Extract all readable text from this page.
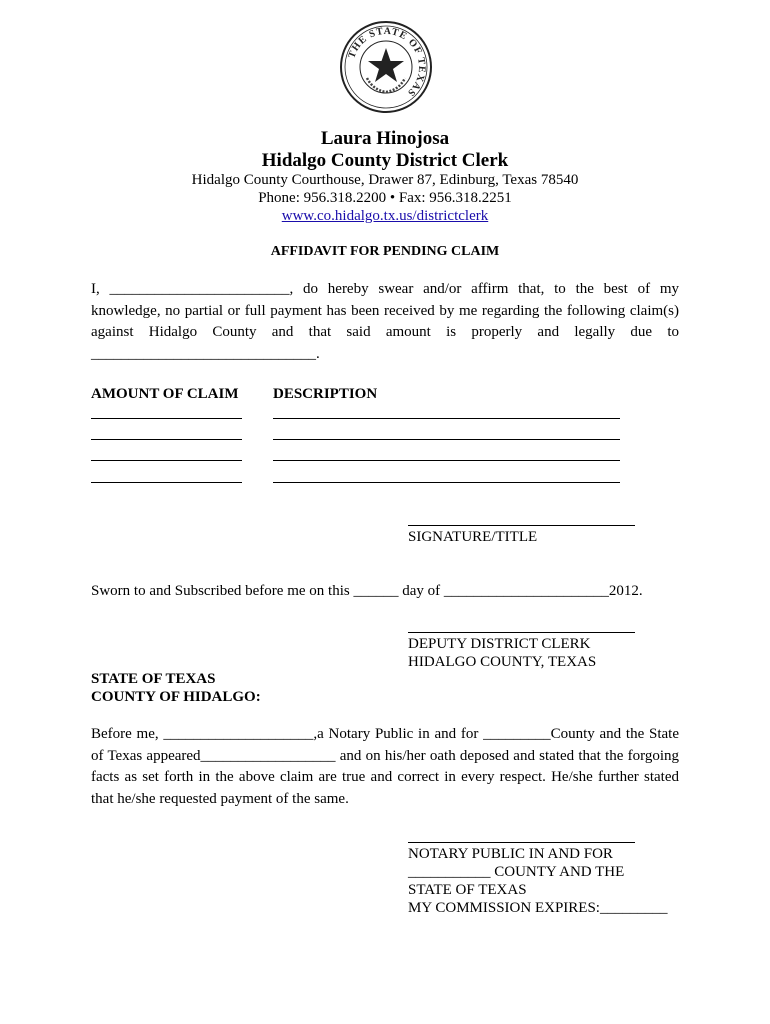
THE STATE OF TEXAS
Laura Hinojosa
Hidalgo County District Clerk
Hidalgo County Courthouse, Drawer 87, Edinburg, Texas 78540
Phone: 956.318.2200 • Fax: 956.318.2251
www.co.hidalgo.tx.us/districtclerk
AFFIDAVIT FOR PENDING CLAIM
I, ________________________, do hereby swear and/or affirm that, to the best of my
knowledge, no partial or full payment has been received by me regarding the following claim(s)
against Hidalgo County and that said amount is properly and legally due to
______________________________.
AMOUNT OF CLAIM DESCRIPTION
SIGNATURE/TITLE
Sworn to and Subscribed before me on this ______ day of ______________________2012.
DEPUTY DISTRICT CLERK
HIDALGO COUNTY, TEXAS
STATE OF TEXAS
COUNTY OF HIDALGO:
Before me, ____________________,a Notary Public in and for _________County and the State
of Texas appeared__________________ and on his/her oath deposed and stated that the forgoing
facts as set forth in the above claim are true and correct in every respect. He/she further stated
that he/she requested payment of the same.
NOTARY PUBLIC IN AND FOR
___________ COUNTY AND THE
STATE OF TEXAS
MY COMMISSION EXPIRES:_________
